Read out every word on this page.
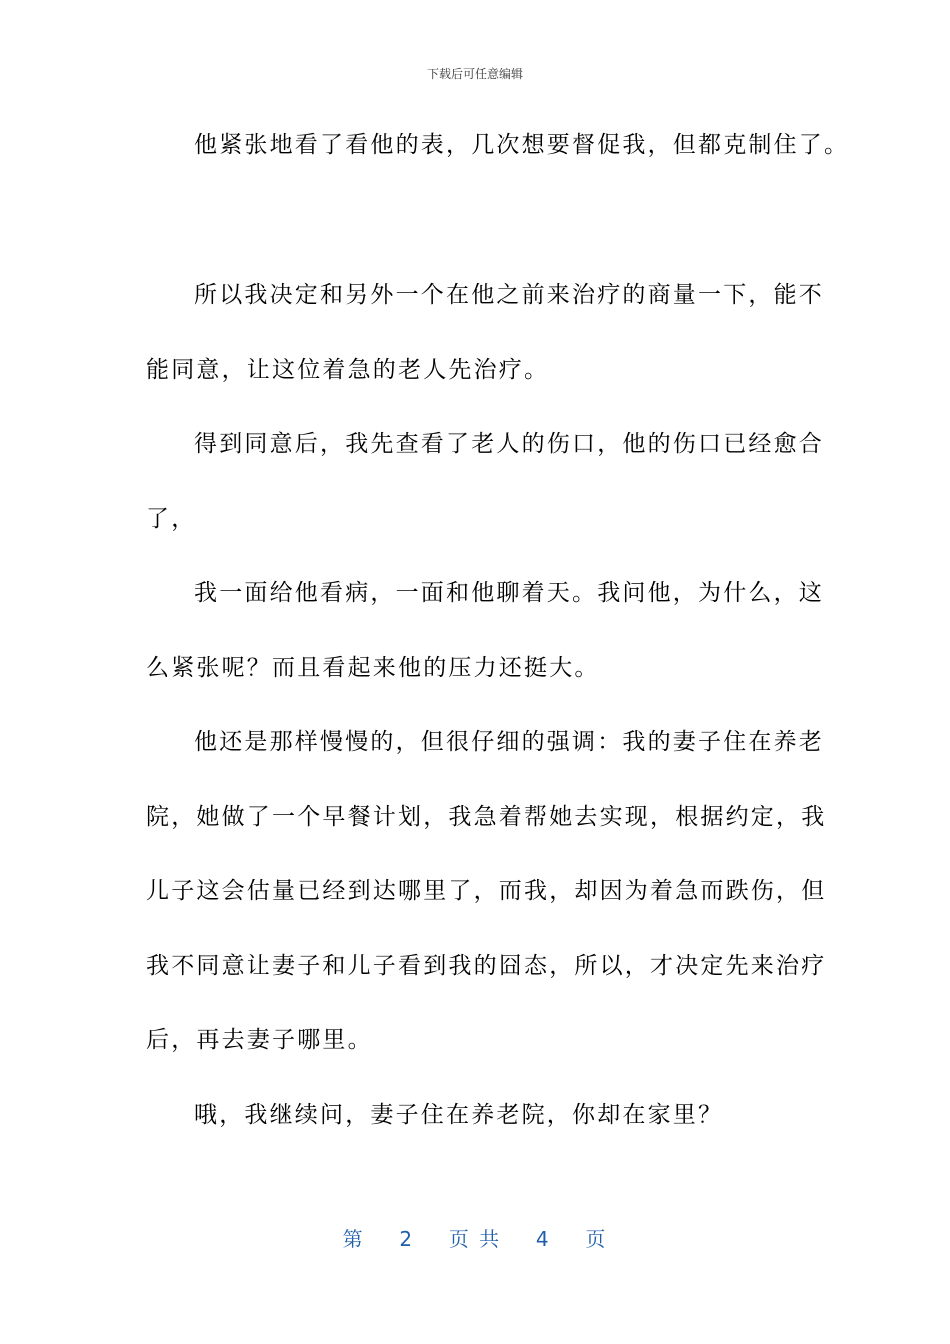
下载后可任意编辑
他紧张地看了看他的表，几次想要督促我，但都克制住了。
所以我决定和另外一个在他之前来治疗的商量一下，能不
能同意，让这位着急的老人先治疗。
得到同意后，我先查看了老人的伤口，他的伤口已经愈合
了，
我一面给他看病，一面和他聊着天。我问他，为什么，这
么紧张呢？而且看起来他的压力还挺大。
他还是那样慢慢的，但很仔细的强调：我的妻子住在养老
院，她做了一个早餐计划，我急着帮她去实现，根据约定，我
儿子这会估量已经到达哪里了，而我，却因为着急而跌伤，但
我不同意让妻子和儿子看到我的囧态，所以，才决定先来治疗
后，再去妻子哪里。
哦，我继续问，妻子住在养老院，你却在家里？
第 2 页 共 4 页
